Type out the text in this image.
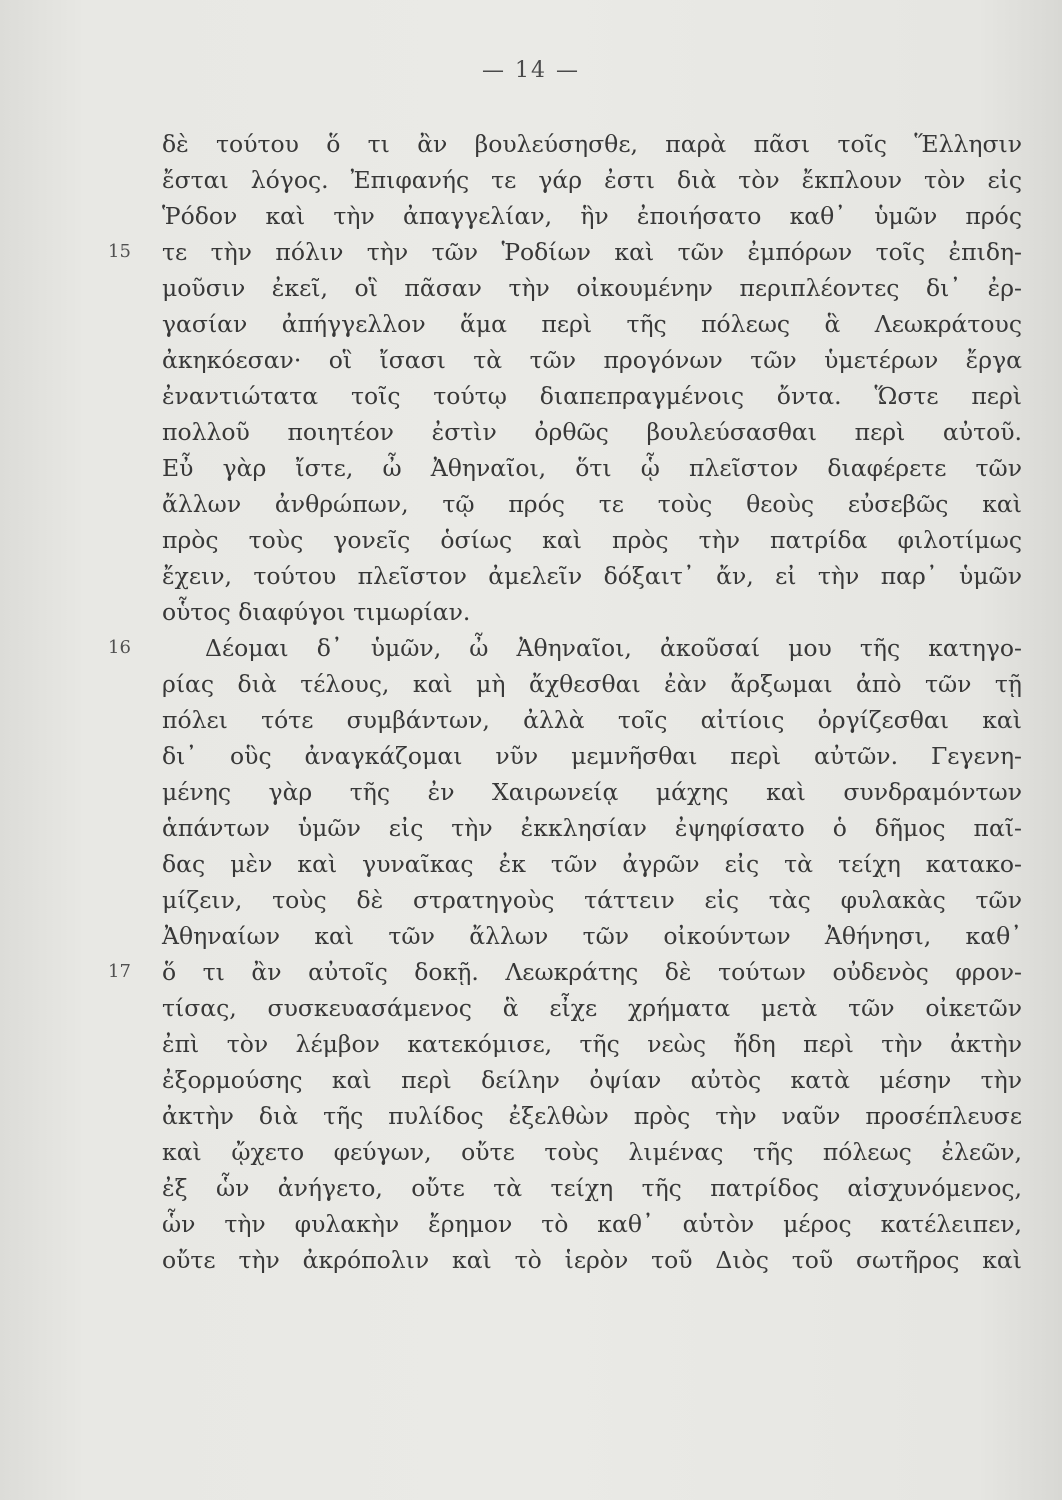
— 14 —
δὲ τούτου ὅ τι ἂν βουλεύσησθε, παρὰ πᾶσι τοῖς Ἕλλησιν
ἔσται λόγος. Ἐπιφανής τε γάρ ἐστι διὰ τὸν ἔκπλουν τὸν εἰς
Ῥόδον καὶ τὴν ἀπαγγελίαν, ἣν ἐποιήσατο καθ᾽ ὑμῶν πρός
15 τε τὴν πόλιν τὴν τῶν Ῥοδίων καὶ τῶν ἐμπόρων τοῖς ἐπιδη-
μοῦσιν ἐκεῖ, οἳ πᾶσαν τὴν οἰκουμένην περιπλέοντες δι᾽ ἐρ-
γασίαν ἀπήγγελλον ἅμα περὶ τῆς πόλεως ἃ Λεωκράτους
ἀκηκόεσαν· οἳ ἴσασι τὰ τῶν προγόνων τῶν ὑμετέρων ἔργα
ἐναντιώτατα τοῖς τούτῳ διαπεπραγμένοις ὄντα. Ὥστε περὶ
πολλοῦ ποιητέον ἐστὶν ὀρθῶς βουλεύσασθαι περὶ αὐτοῦ.
Εὖ γὰρ ἴστε, ὦ Ἀθηναῖοι, ὅτι ᾧ πλεῖστον διαφέρετε τῶν
ἄλλων ἀνθρώπων, τῷ πρός τε τοὺς θεοὺς εὐσεβῶς καὶ
πρὸς τοὺς γονεῖς ὁσίως καὶ πρὸς τὴν πατρίδα φιλοτίμως
ἔχειν, τούτου πλεῖστον ἀμελεῖν δόξαιτ᾽ ἄν, εἰ τὴν παρ᾽ ὑμῶν
οὗτος διαφύγοι τιμωρίαν.
16	Δέομαι δ᾽ ὑμῶν, ὦ Ἀθηναῖοι, ἀκοῦσαί μου τῆς κατηγο-
ρίας διὰ τέλους, καὶ μὴ ἄχθεσθαι ἐὰν ἄρξωμαι ἀπὸ τῶν τῇ
πόλει τότε συμβάντων, ἀλλὰ τοῖς αἰτίοις ὀργίζεσθαι καὶ
δι᾽ οὓς ἀναγκάζομαι νῦν μεμνῆσθαι περὶ αὐτῶν. Γεγενη-
μένης γὰρ τῆς ἐν Χαιρωνείᾳ μάχης καὶ συνδραμόντων
ἁπάντων ὑμῶν εἰς τὴν ἐκκλησίαν ἐψηφίσατο ὁ δῆμος παῖ-
δας μὲν καὶ γυναῖκας ἐκ τῶν ἀγρῶν εἰς τὰ τείχη κατακο-
μίζειν, τοὺς δὲ στρατηγοὺς τάττειν εἰς τὰς φυλακὰς τῶν
Ἀθηναίων καὶ τῶν ἄλλων τῶν οἰκούντων Ἀθήνησι, καθ᾽
17 ὅ τι ἂν αὐτοῖς δοκῇ. Λεωκράτης δὲ τούτων οὐδενὸς φρον-
τίσας, συσκευασάμενος ἃ εἶχε χρήματα μετὰ τῶν οἰκετῶν
ἐπὶ τὸν λέμβον κατεκόμισε, τῆς νεὼς ἤδη περὶ τὴν ἀκτὴν
ἐξορμούσης καὶ περὶ δείλην ὀψίαν αὐτὸς κατὰ μέσην τὴν
ἀκτὴν διὰ τῆς πυλίδος ἐξελθὼν πρὸς τὴν ναῦν προσέπλευσε
καὶ ᾤχετο φεύγων, οὔτε τοὺς λιμένας τῆς πόλεως ἐλεῶν,
ἐξ ὧν ἀνήγετο, οὔτε τὰ τείχη τῆς πατρίδος αἰσχυνόμενος,
ὧν τὴν φυλακὴν ἔρημον τὸ καθ᾽ αὑτὸν μέρος κατέλειπεν,
οὔτε τὴν ἀκρόπολιν καὶ τὸ ἱερὸν τοῦ Διὸς τοῦ σωτῆρος καὶ
